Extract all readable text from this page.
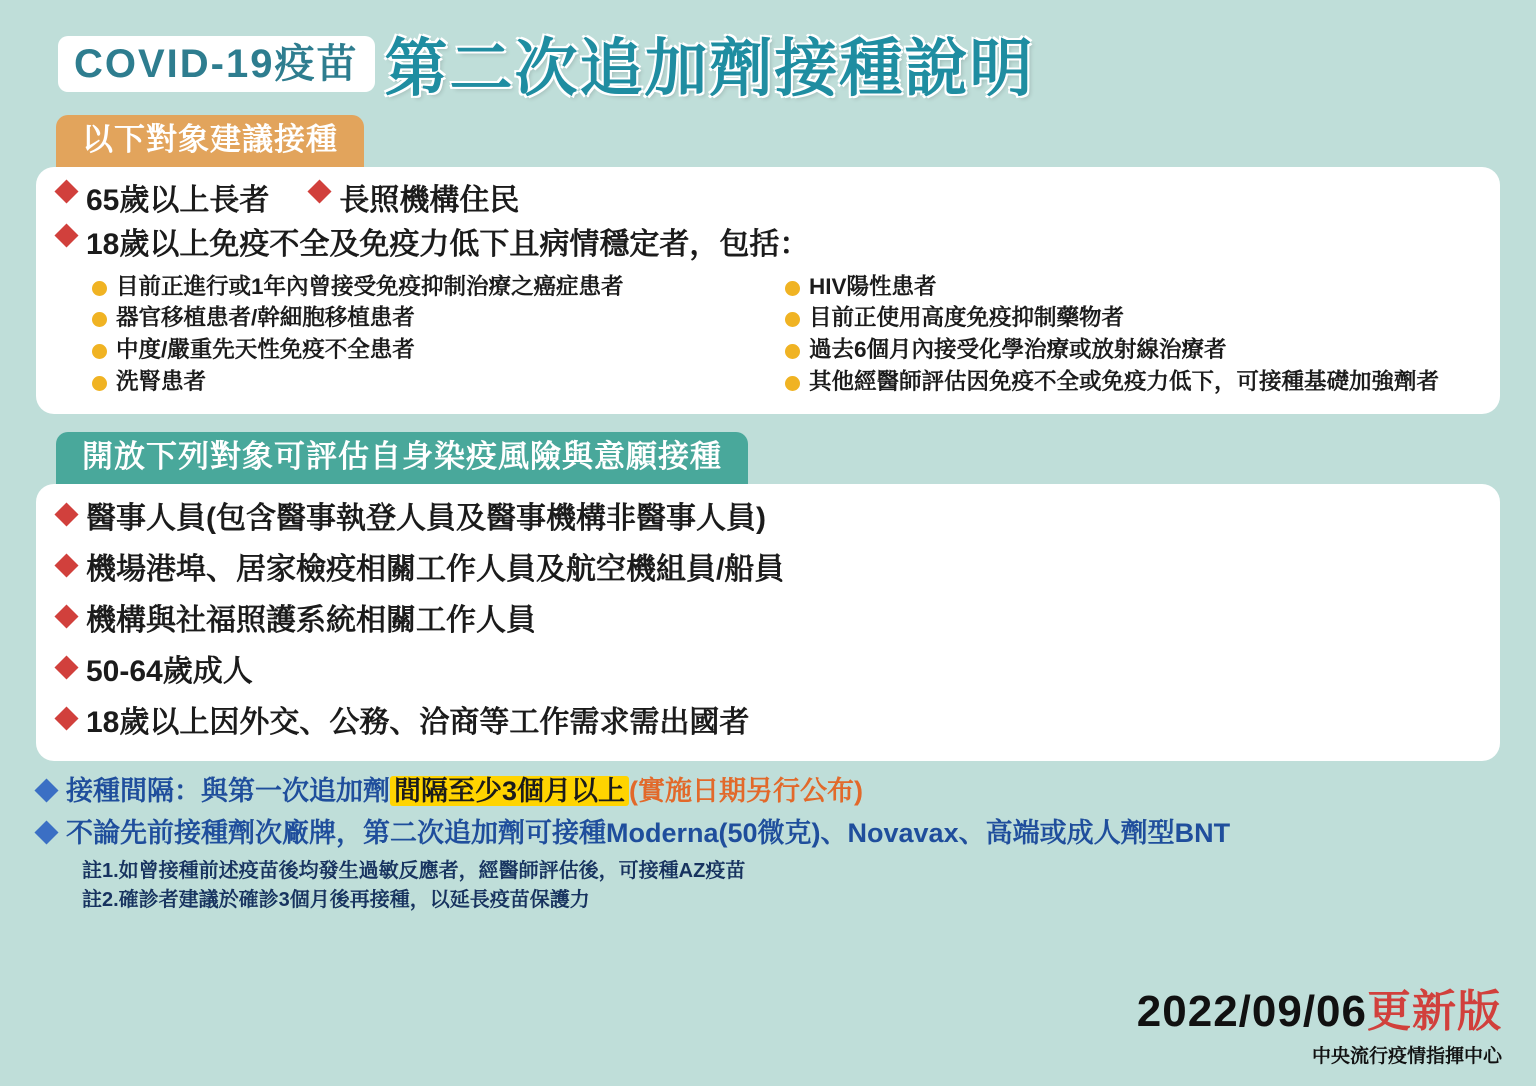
COVID-19疫苗 第二次追加劑接種說明
以下對象建議接種
65歲以上長者 長照機構住民
18歲以上免疫不全及免疫力低下且病情穩定者，包括：
目前正進行或1年內曾接受免疫抑制治療之癌症患者
器官移植患者/幹細胞移植患者
中度/嚴重先天性免疫不全患者
洗腎患者
HIV陽性患者
目前正使用高度免疫抑制藥物者
過去6個月內接受化學治療或放射線治療者
其他經醫師評估因免疫不全或免疫力低下，可接種基礎加強劑者
開放下列對象可評估自身染疫風險與意願接種
醫事人員(包含醫事執登人員及醫事機構非醫事人員)
機場港埠、居家檢疫相關工作人員及航空機組員/船員
機構與社福照護系統相關工作人員
50-64歲成人
18歲以上因外交、公務、洽商等工作需求需出國者
接種間隔：與第一次追加劑 間隔至少3個月以上 (實施日期另行公布)
不論先前接種劑次廠牌，第二次追加劑可接種Moderna(50微克)、Novavax、高端或成人劑型BNT
註1.如曾接種前述疫苗後均發生過敏反應者，經醫師評估後，可接種AZ疫苗
註2.確診者建議於確診3個月後再接種，以延長疫苗保護力
2022/09/06更新版
中央流行疫情指揮中心
